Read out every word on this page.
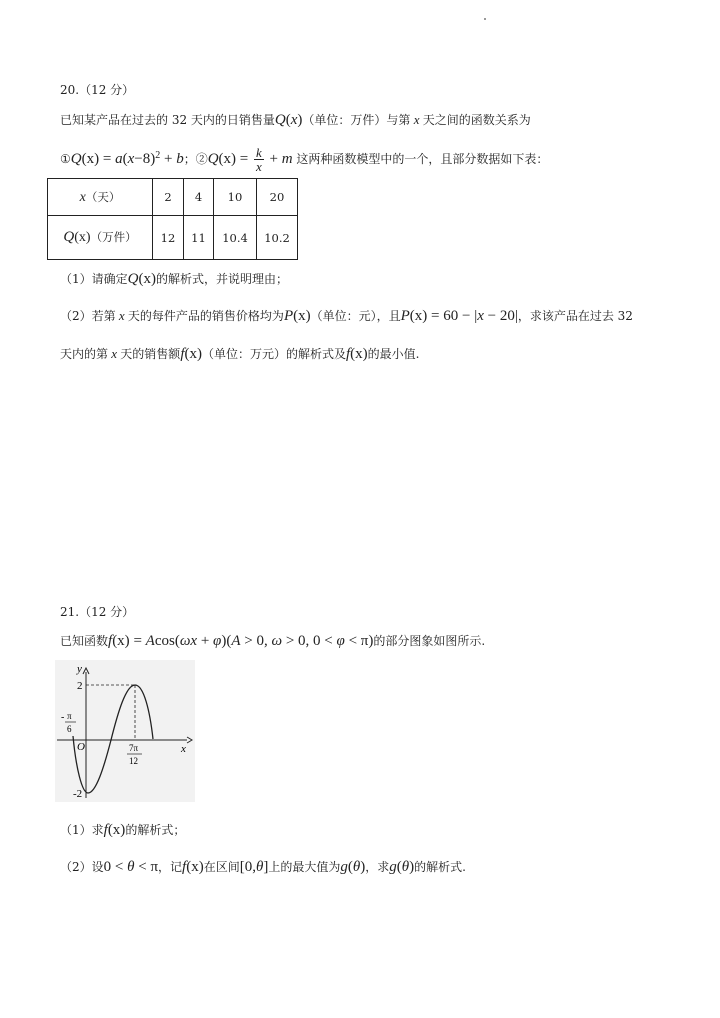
20.（12 分）
已知某产品在过去的 32 天内的日销售量Q(x)（单位：万件）与第 x 天之间的函数关系为
①Q(x) = $a(x-8)^2 + b$；②Q(x) = $\frac{k}{x} + m$ 这两种函数模型中的一个，且部分数据如下表：
x（天）	2	4	10	20
Q(x)（万件）	12	11	10.4	10.2
（1）请确定Q(x)的解析式，并说明理由；
（2）若第 x 天的每件产品的销售价格均为P(x)（单位：元），且P(x) = 60 − |x − 20|，求该产品在过去 32
天内的第 x 天的销售额f(x)（单位：万元）的解析式及f(x)的最小值.
21.（12 分）
已知函数f(x) = Acos(ωx + φ)(A > 0, ω > 0, 0 < φ < π)的部分图象如图所示.
y
x
O
2
-2
- π
6
7π
12
（1）求f(x)的解析式；
（2）设0 < θ < π，记f(x)在区间[0,θ]上的最大值为g(θ)，求g(θ)的解析式.
